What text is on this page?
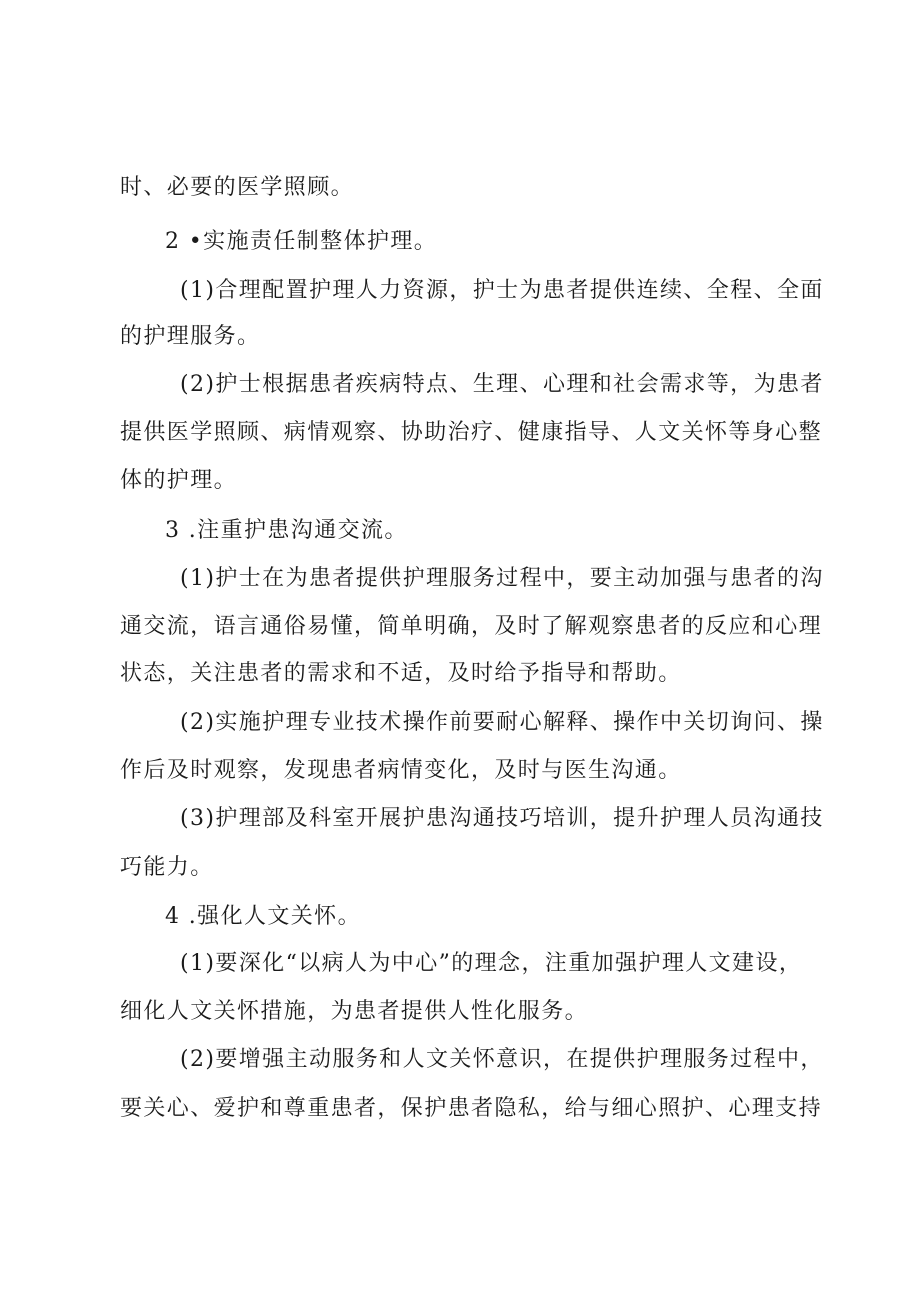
时、必要的医学照顾。
2 •实施责任制整体护理。
(1)合理配置护理人力资源，护士为患者提供连续、全程、全面
的护理服务。
(2)护士根据患者疾病特点、生理、心理和社会需求等，为患者
提供医学照顾、病情观察、协助治疗、健康指导、人文关怀等身心整
体的护理。
3 .注重护患沟通交流。
(1)护士在为患者提供护理服务过程中，要主动加强与患者的沟
通交流，语言通俗易懂，简单明确，及时了解观察患者的反应和心理
状态，关注患者的需求和不适，及时给予指导和帮助。
(2)实施护理专业技术操作前要耐心解释、操作中关切询问、操
作后及时观察，发现患者病情变化，及时与医生沟通。
(3)护理部及科室开展护患沟通技巧培训，提升护理人员沟通技
巧能力。
4 .强化人文关怀。
(1)要深化“以病人为中心”的理念，注重加强护理人文建设，
细化人文关怀措施，为患者提供人性化服务。
(2)要增强主动服务和人文关怀意识，在提供护理服务过程中，
要关心、爱护和尊重患者，保护患者隐私，给与细心照护、心理支持
